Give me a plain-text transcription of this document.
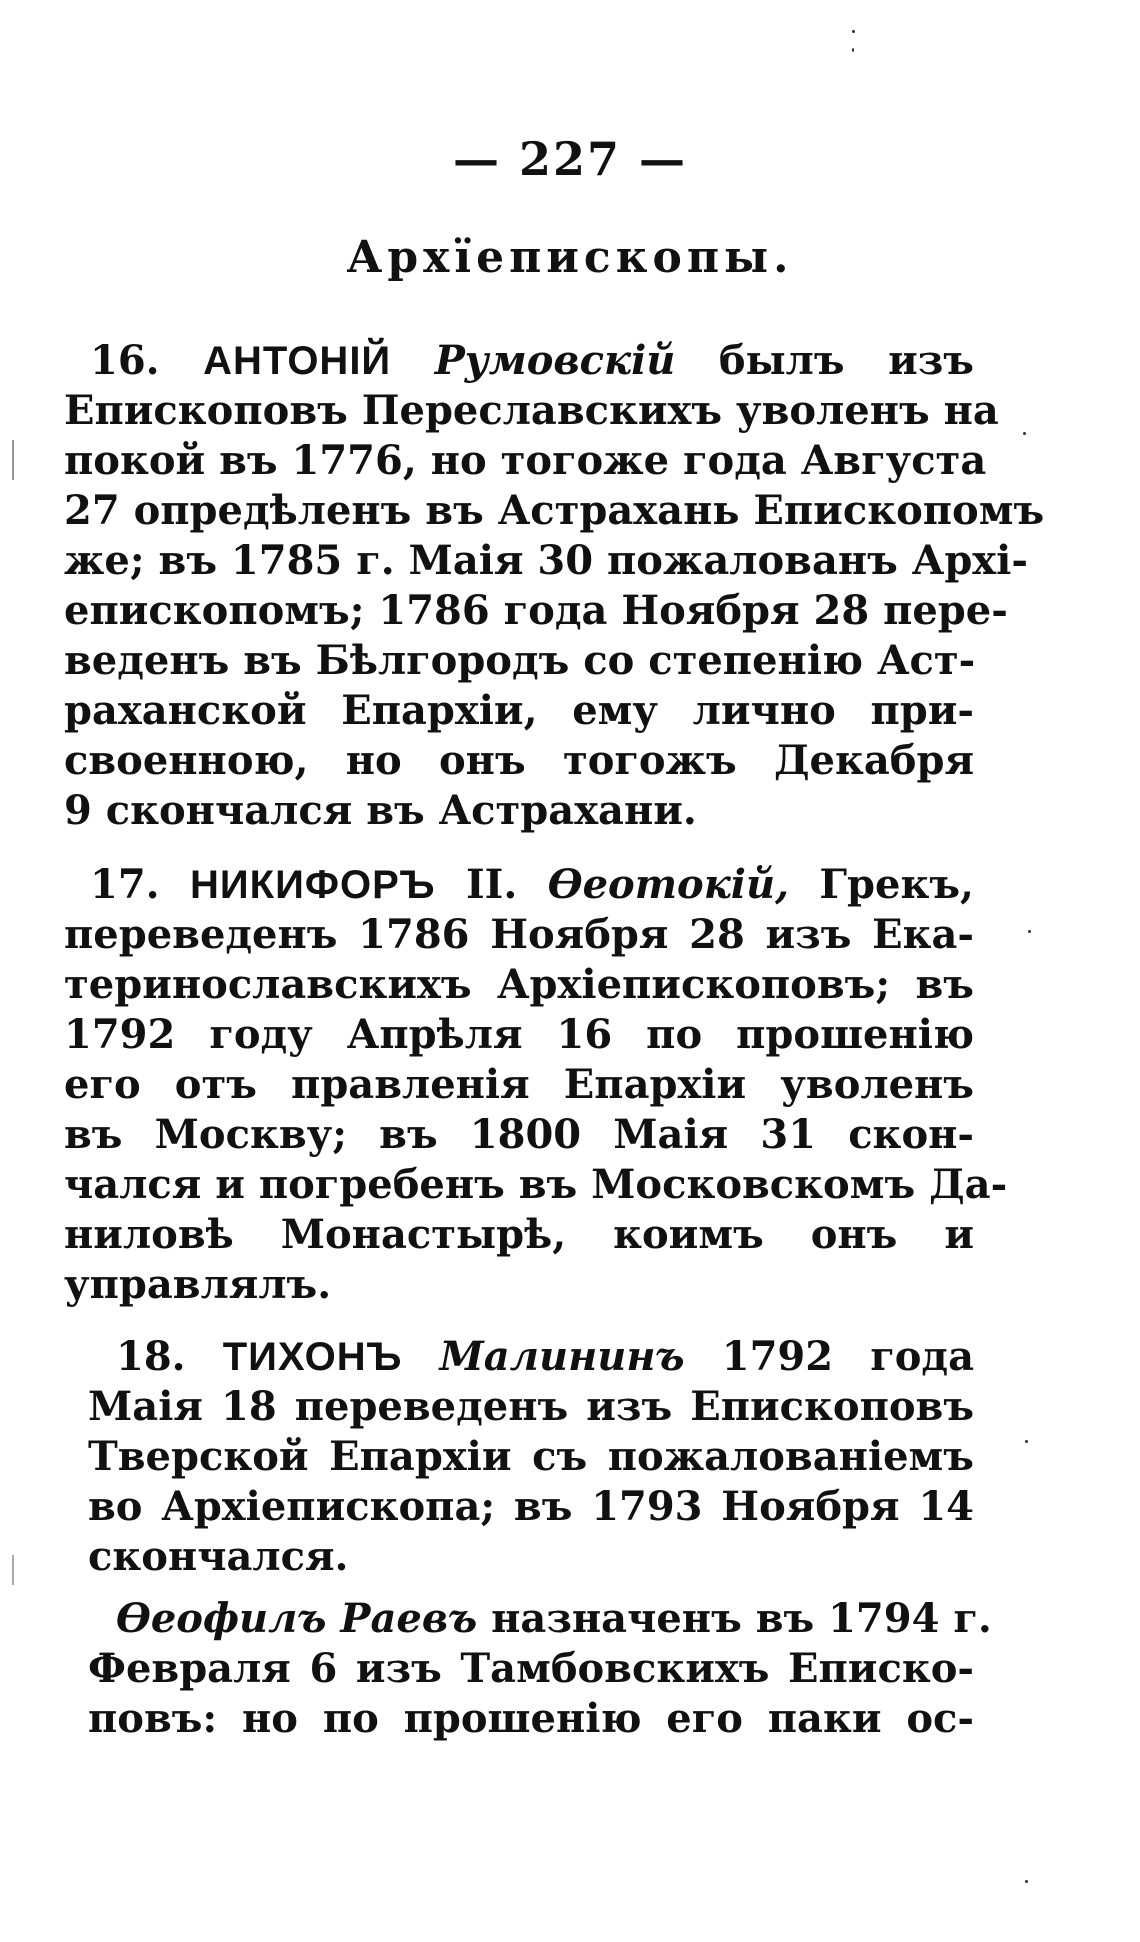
— 227 —
Архїепископы.
16. АНТОНІЙ Румовскій былъ изъ
Епископовъ Переславскихъ уволенъ на
покой въ 1776, но тогоже года Августа
27 опредѣленъ въ Астрахань Епископомъ
же; въ 1785 г. Маія 30 пожалованъ Архі-
епископомъ; 1786 года Ноября 28 пере-
веденъ въ Бѣлгородъ со степенію Аст-
раханской Епархіи, ему лично при-
своенною, но онъ тогожъ Декабря
9 скончался въ Астрахани.
17. НИКИФОРЪ II. Ѳеотокій, Грекъ,
переведенъ 1786 Ноября 28 изъ Ека-
теринославскихъ Архіепископовъ; въ
1792 году Апрѣля 16 по прошенію
его отъ правленія Епархіи уволенъ
въ Москву; въ 1800 Маія 31 скон-
чался и погребенъ въ Московскомъ Да-
ниловѣ Монастырѣ, коимъ онъ и
управлялъ.
18. ТИХОНЪ Малининъ 1792 года
Маія 18 переведенъ изъ Епископовъ
Тверской Епархіи съ пожалованіемъ
во Архіепископа; въ 1793 Ноября 14
скончался.
Ѳеофилъ Раевъ назначенъ въ 1794 г.
Февраля 6 изъ Тамбовскихъ Еписко-
повъ: но по прошенію его паки ос-
